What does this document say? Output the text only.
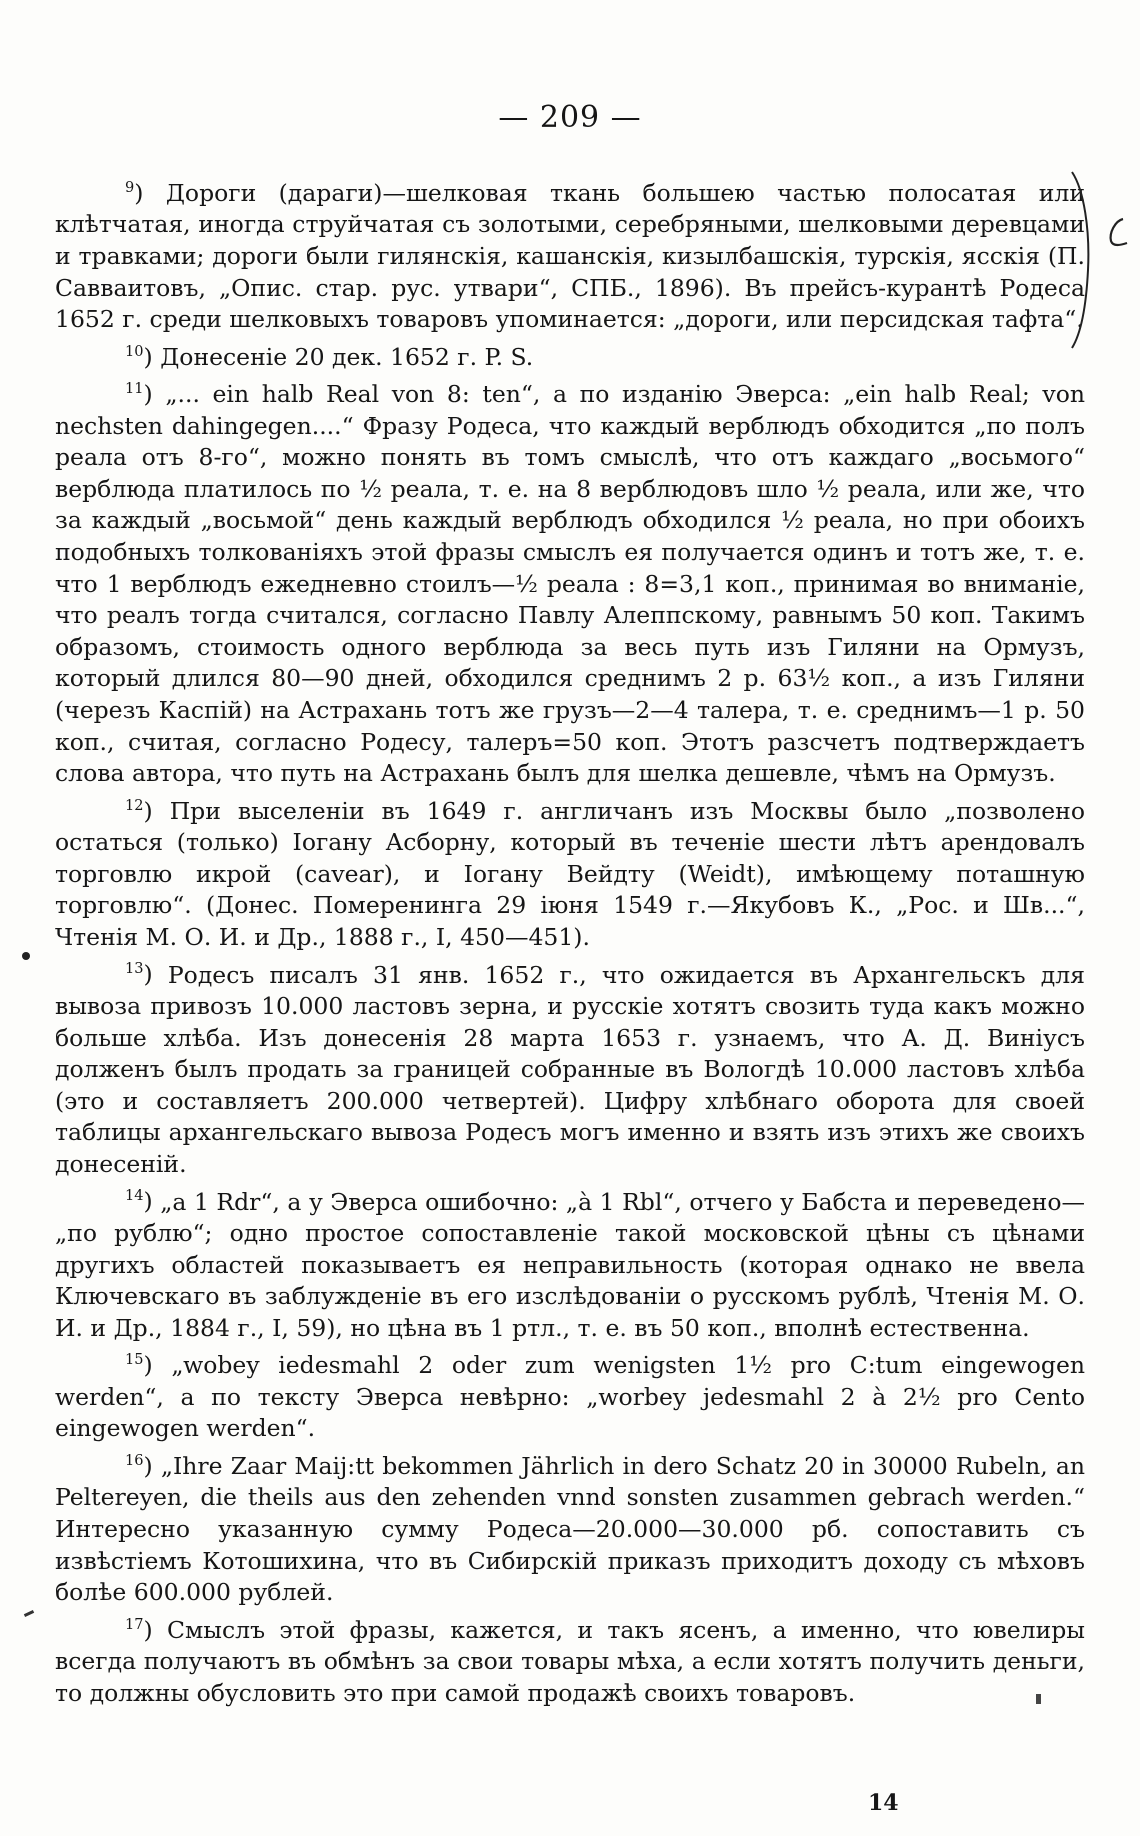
— 209 —

$^9$) Дороги (дараги)—шелковая ткань большею частью полосатая или клѣтчатая, иногда струйчатая съ золотыми, серебряными, шелковыми деревцами и травками; дороги были гилянскія, кашанскія, кизылбашскія, турскія, ясскія (П. Савваитовъ, „Опис. стар. рус. утвари“, СПБ., 1896). Въ прейсъ-курантѣ Родеса 1652 г. среди шелковыхъ товаровъ упоминается: „дороги, или персидская тафта“.

$^{10}$) Донесеніе 20 дек. 1652 г. P. S.

$^{11}$) „... ein halb Real von 8: ten“, а по изданію Эверса: „ein halb Real; von nechsten dahingegen....“ Фразу Родеса, что каждый верблюдъ обходится „по полъ реала отъ 8-го“, можно понять въ томъ смыслѣ, что отъ каждаго „восьмого“ верблюда платилось по ½ реала, т. е. на 8 верблюдовъ шло ½ реала, или же, что за каждый „восьмой“ день каждый верблюдъ обходился ½ реала, но при обоихъ подобныхъ толкованіяхъ этой фразы смыслъ ея получается одинъ и тотъ же, т. е. что 1 верблюдъ ежедневно стоилъ—½ реала : 8=3,1 коп., принимая во вниманіе, что реалъ тогда считался, согласно Павлу Алеппскому, равнымъ 50 коп. Такимъ образомъ, стоимость одного верблюда за весь путь изъ Гиляни на Ормузъ, который длился 80—90 дней, обходился среднимъ 2 р. 63½ коп., а изъ Гиляни (черезъ Каспій) на Астрахань тотъ же грузъ—2—4 талера, т. е. среднимъ—1 р. 50 коп., считая, согласно Родесу, талеръ=50 коп. Этотъ разсчетъ подтверждаетъ слова автора, что путь на Астрахань былъ для шелка дешевле, чѣмъ на Ормузъ.

$^{12}$) При выселеніи въ 1649 г. англичанъ изъ Москвы было „позволено остаться (только) Іогану Асборну, который въ теченіе шести лѣтъ арендовалъ торговлю икрой (cavear), и Іогану Вейдту (Weidt), имѣющему поташную торговлю“. (Донес. Померенинга 29 іюня 1549 г.—Якубовъ К., „Рос. и Шв...“, Чтенія М. О. И. и Др., 1888 г., I, 450—451).

$^{13}$) Родесъ писалъ 31 янв. 1652 г., что ожидается въ Архангельскъ для вывоза привозъ 10.000 ластовъ зерна, и русскіе хотятъ свозить туда какъ можно больше хлѣба. Изъ донесенія 28 марта 1653 г. узнаемъ, что А. Д. Виніусъ долженъ былъ продать за границей собранные въ Вологдѣ 10.000 ластовъ хлѣба (это и составляетъ 200.000 четвертей). Цифру хлѣбнаго оборота для своей таблицы архангельскаго вывоза Родесъ могъ именно и взять изъ этихъ же своихъ донесеній.

$^{14}$) „а 1 Rdr“, а у Эверса ошибочно: „à 1 Rbl“, отчего у Бабста и переведено—„по рублю“; одно простое сопоставленіе такой московской цѣны съ цѣнами другихъ областей показываетъ ея неправильность (которая однако не ввела Ключевскаго въ заблужденіе въ его изслѣдованіи о русскомъ рублѣ, Чтенія М. О. И. и Др., 1884 г., I, 59), но цѣна въ 1 ртл., т. е. въ 50 коп., вполнѣ естественна.

$^{15}$) „wobey iedesmahl 2 oder zum wenigsten 1½ pro C:tum eingewogen werden“, а по тексту Эверса невѣрно: „worbey jedesmahl 2 à 2½ pro Cento eingewogen werden“.

$^{16}$) „Ihre Zaar Maij:tt bekommen Jährlich in dero Schatz 20 in 30000 Rubeln, an Peltereyen, die theils aus den zehenden vnnd sonsten zusammen gebrach werden.“ Интересно указанную сумму Родеса—20.000—30.000 рб. сопоставить съ извѣстіемъ Котошихина, что въ Сибирскій приказъ приходитъ доходу съ мѣховъ болѣе 600.000 рублей.

$^{17}$) Смыслъ этой фразы, кажется, и такъ ясенъ, а именно, что ювелиры всегда получаютъ въ обмѣнъ за свои товары мѣха, а если хотятъ получить деньги, то должны обусловить это при самой продажѣ своихъ товаровъ.

14
